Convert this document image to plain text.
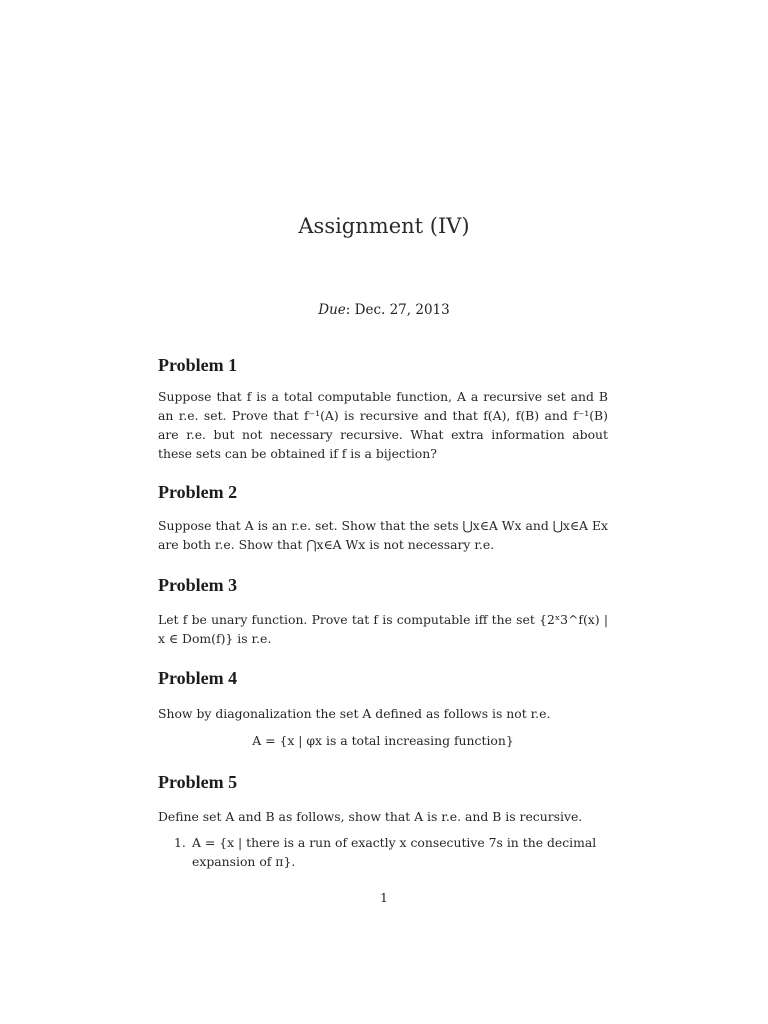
Assignment (IV)
Due: Dec. 27, 2013
Problem 1
Suppose that f is a total computable function, A a recursive set and B an r.e. set. Prove that f⁻¹(A) is recursive and that f(A), f(B) and f⁻¹(B) are r.e. but not necessary recursive. What extra information about these sets can be obtained if f is a bijection?
Problem 2
Suppose that A is an r.e. set. Show that the sets ⋃x∈A Wx and ⋃x∈A Ex are both r.e. Show that ⋂x∈A Wx is not necessary r.e.
Problem 3
Let f be unary function. Prove tat f is computable iff the set {2ˣ3^f(x) | x ∈ Dom(f)} is r.e.
Problem 4
Show by diagonalization the set A defined as follows is not r.e.
A = {x | φx is a total increasing function}
Problem 5
Define set A and B as follows, show that A is r.e. and B is recursive.
1. A = {x | there is a run of exactly x consecutive 7s in the decimal expansion of π}.
1
